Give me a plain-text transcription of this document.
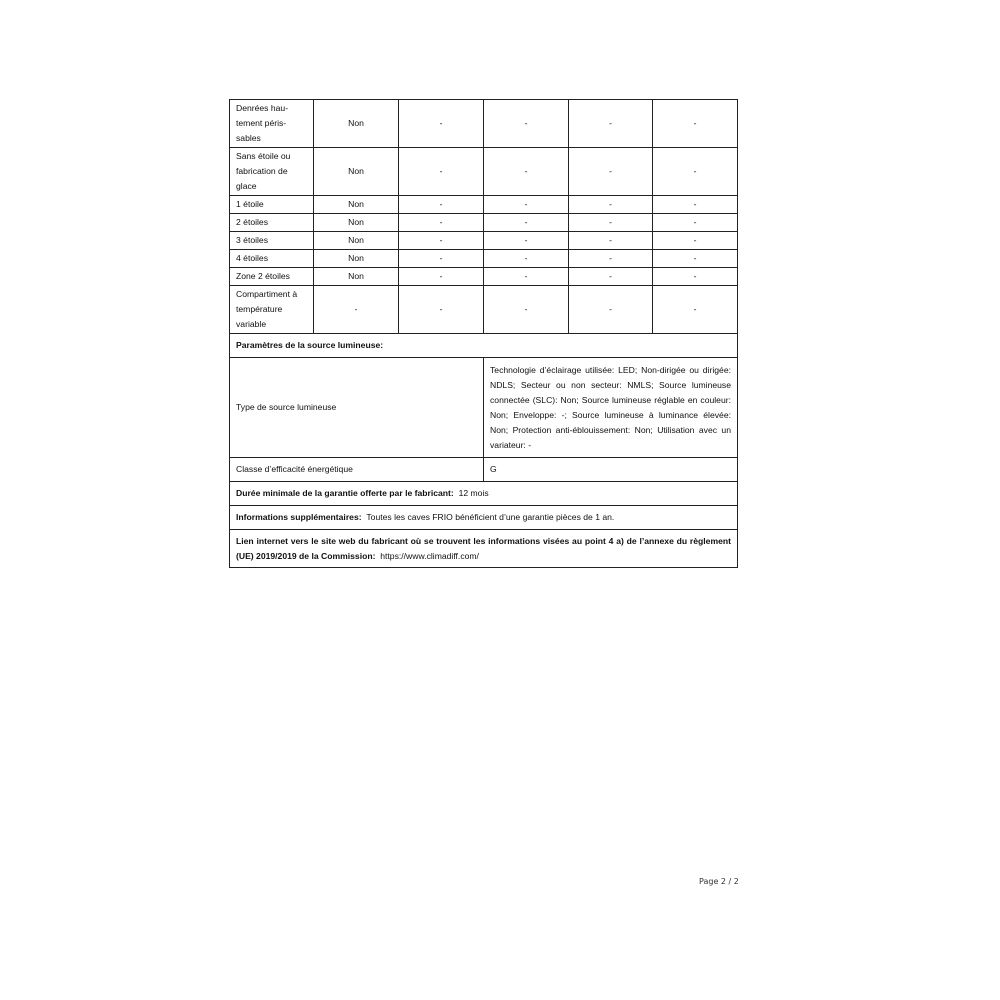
Denrées hau-tement péris-sables	Non	-	-	-	-
Sans étoile ou fabrication de glace	Non	-	-	-	-
1 étoile	Non	-	-	-	-
2 étoiles	Non	-	-	-	-
3 étoiles	Non	-	-	-	-
4 étoiles	Non	-	-	-	-
Zone 2 étoiles	Non	-	-	-	-
Compartiment à température variable	-	-	-	-	-
Paramètres de la source lumineuse:					
Type de source lumineuse			Technologie d’éclairage utilisée: LED; Non-dirigée ou dirigée: NDLS; Secteur ou non secteur: NMLS; Source lumineuse connectée (SLC): Non; Source lumineuse réglable en couleur: Non; Enveloppe: -; Source lumineuse à luminance élevée: Non; Protection anti-éblouissement: Non; Utilisation avec un variateur: -		
Classe d’efficacité énergétique			G		
Durée minimale de la garantie offerte par le fabricant: 12 mois					
Informations supplémentaires: Toutes les caves FRIO bénéficient d’une garantie pièces de 1 an.					
Lien internet vers le site web du fabricant où se trouvent les informations visées au point 4 a) de l’annexe du règlement (UE) 2019/2019 de la Commission: https://www.climadiff.com/					
Page 2 / 2
